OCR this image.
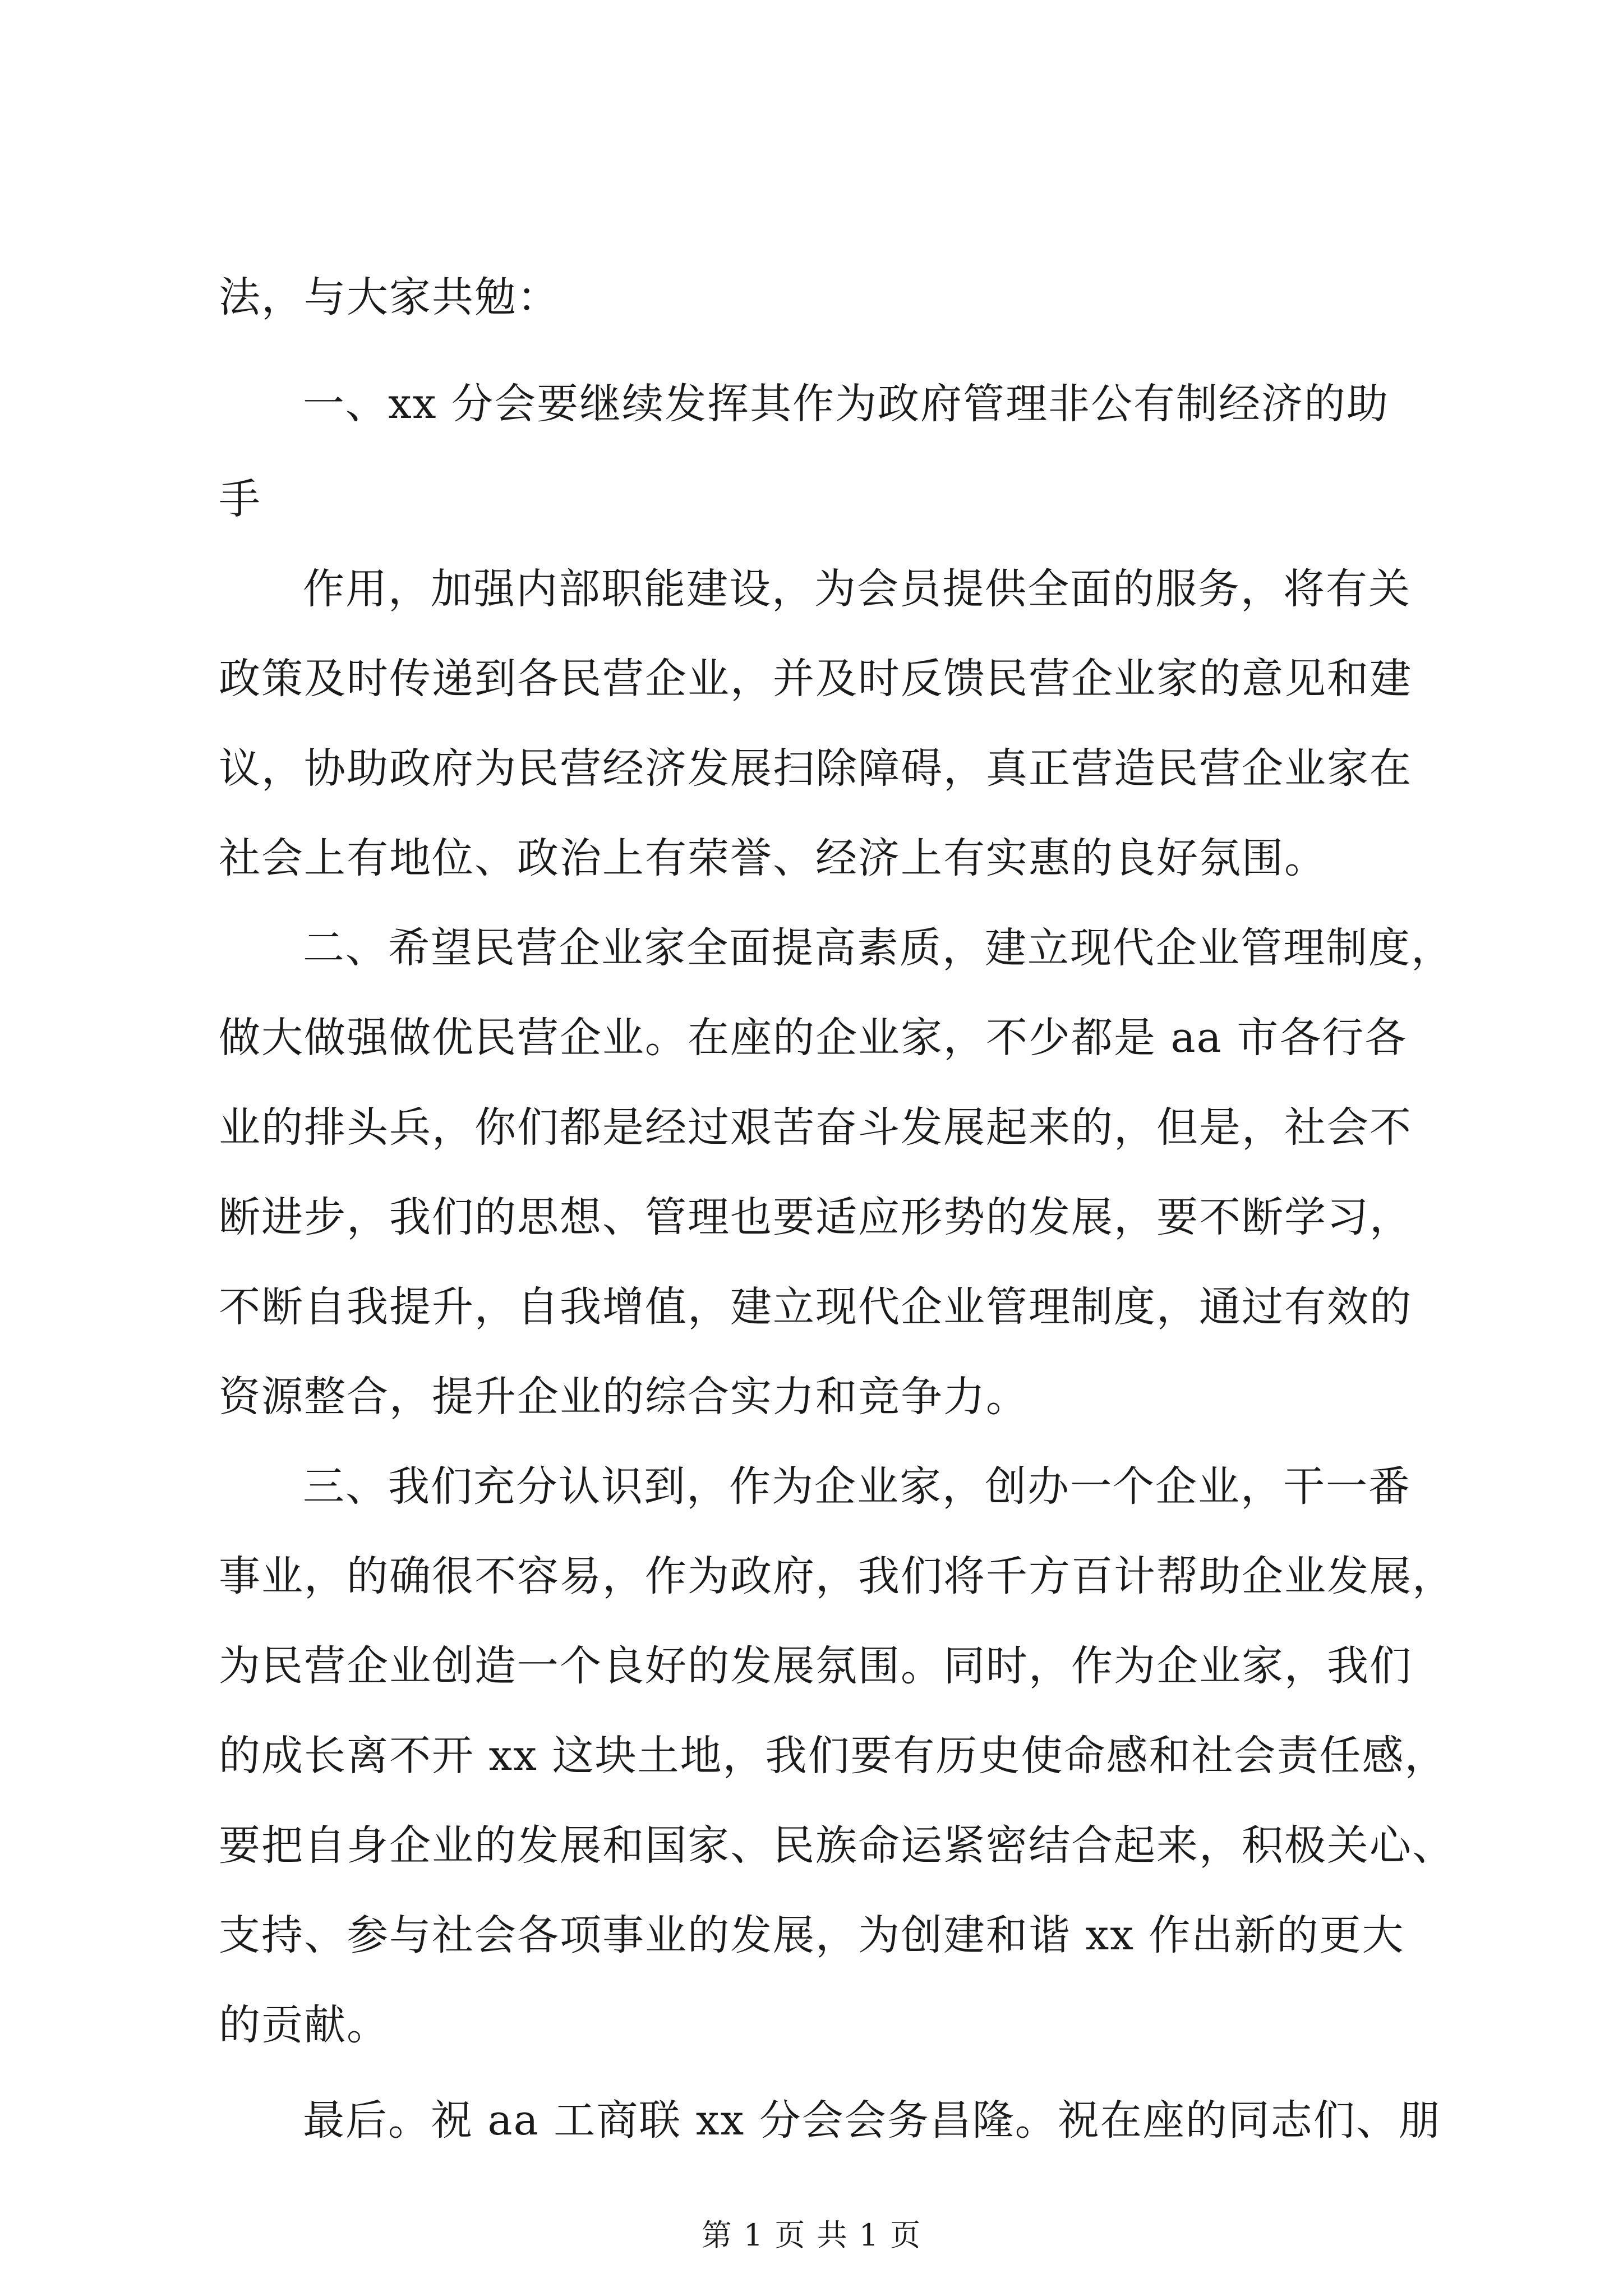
法，与大家共勉：
一、xx 分会要继续发挥其作为政府管理非公有制经济的助
手
作用，加强内部职能建设，为会员提供全面的服务，将有关
政策及时传递到各民营企业，并及时反馈民营企业家的意见和建
议，协助政府为民营经济发展扫除障碍，真正营造民营企业家在
社会上有地位、政治上有荣誉、经济上有实惠的良好氛围。
二、希望民营企业家全面提高素质，建立现代企业管理制度，
做大做强做优民营企业。在座的企业家，不少都是 aa 市各行各
业的排头兵，你们都是经过艰苦奋斗发展起来的，但是，社会不
断进步，我们的思想、管理也要适应形势的发展，要不断学习，
不断自我提升，自我增值，建立现代企业管理制度，通过有效的
资源整合，提升企业的综合实力和竞争力。
三、我们充分认识到，作为企业家，创办一个企业，干一番
事业，的确很不容易，作为政府，我们将千方百计帮助企业发展，
为民营企业创造一个良好的发展氛围。同时，作为企业家，我们
的成长离不开 xx 这块土地，我们要有历史使命感和社会责任感，
要把自身企业的发展和国家、民族命运紧密结合起来，积极关心、
支持、参与社会各项事业的发展，为创建和谐 xx 作出新的更大
的贡献。
最后。祝 aa 工商联 xx 分会会务昌隆。祝在座的同志们、朋
第 1 页 共 1 页
